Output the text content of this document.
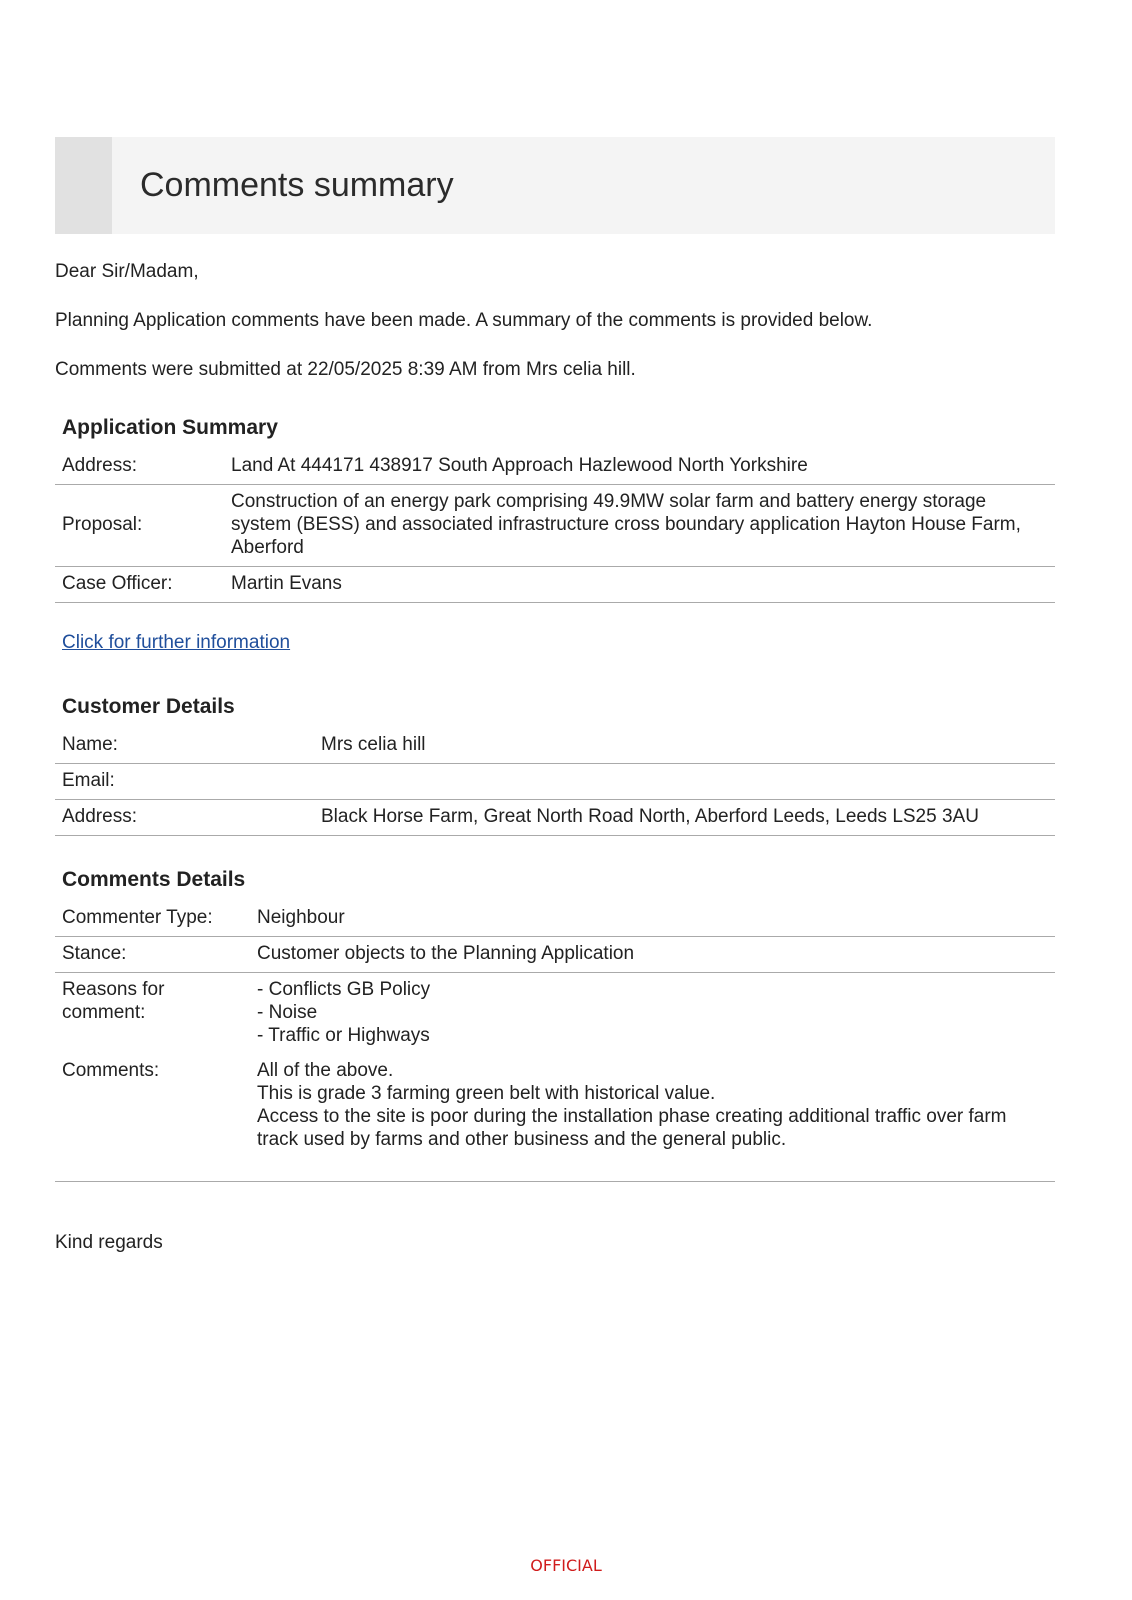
Comments summary

Dear Sir/Madam,

Planning Application comments have been made. A summary of the comments is provided below.

Comments were submitted at 22/05/2025 8:39 AM from Mrs celia hill.

Application Summary
Address:	Land At 444171 438917 South Approach Hazlewood North Yorkshire
Proposal:	Construction of an energy park comprising 49.9MW solar farm and battery energy storage system (BESS) and associated infrastructure cross boundary application Hayton House Farm, Aberford
Case Officer:	Martin Evans
Click for further information
Customer Details
Name:	Mrs celia hill
Email:	
Address:	Black Horse Farm, Great North Road North, Aberford Leeds, Leeds LS25 3AU
Comments Details
Commenter Type:	Neighbour
Stance:	Customer objects to the Planning Application

Reasons for
comment:	- Conflicts GB Policy
- Noise
- Traffic or Highways

Comments:	All of the above.
This is grade 3 farming green belt with historical value.
Access to the site is poor during the installation phase creating additional traffic over farm track used by farms and other business and the general public.

Kind regards

OFFICIAL
